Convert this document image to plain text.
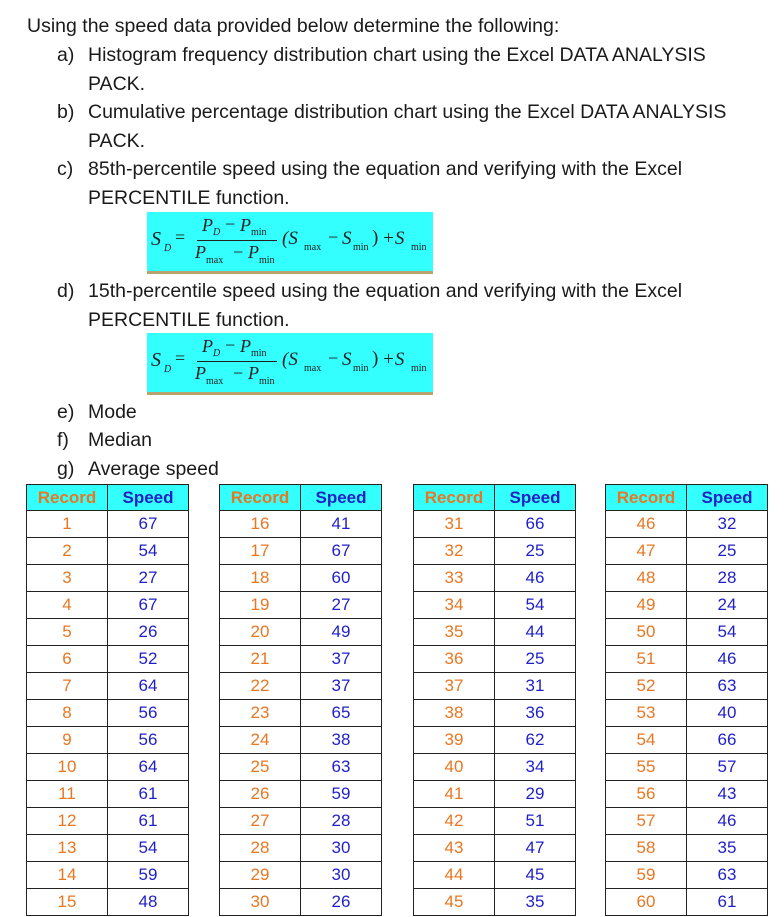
Using the speed data provided below determine the following:
a) Histogram frequency distribution chart using the Excel DATA ANALYSIS
PACK.
b) Cumulative percentage distribution chart using the Excel DATA ANALYSIS
PACK.
c) 85th-percentile speed using the equation and verifying with the Excel
PERCENTILE function.
S D
=
P D − P min
P max − P min
(S max
− S min ) +S min
d) 15th-percentile speed using the equation and verifying with the Excel
PERCENTILE function.
S D
=
P D − P min
P max − P min
(S max
− S min ) +S min
e) Mode
f) Median
g) Average speed
Record	Speed
1	67
2	54
3	27
4	67
5	26
6	52
7	64
8	56
9	56
10	64
11	61
12	61
13	54
14	59
15	48
Record	Speed
16	41
17	67
18	60
19	27
20	49
21	37
22	37
23	65
24	38
25	63
26	59
27	28
28	30
29	30
30	26
Record	Speed
31	66
32	25
33	46
34	54
35	44
36	25
37	31
38	36
39	62
40	34
41	29
42	51
43	47
44	45
45	35
Record	Speed
46	32
47	25
48	28
49	24
50	54
51	46
52	63
53	40
54	66
55	57
56	43
57	46
58	35
59	63
60	61
